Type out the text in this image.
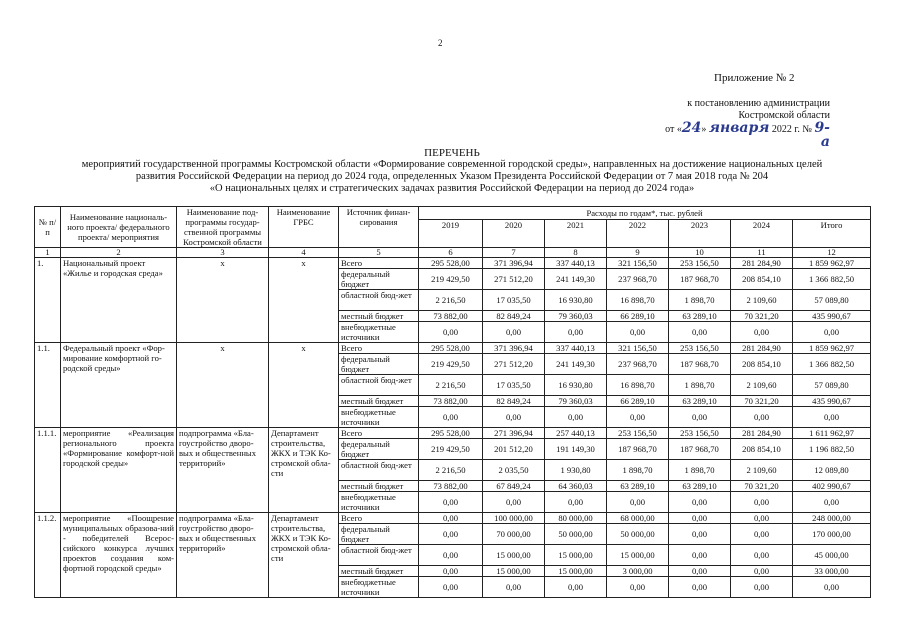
2
Приложение № 2
к постановлению администрации
Костромской области
от «24» января 2022 г. № 9-а
ПЕРЕЧЕНЬ
мероприятий государственной программы Костромской области «Формирование современной городской среды», направленных на достижение национальных целей
развития Российской Федерации на период до 2024 года, определенных Указом Президента Российской Федерации от 7 мая 2018 года № 204
«О национальных целях и стратегических задачах развития Российской Федерации на период до 2024 года»
№ п/п	Наименование националь-ного проекта/ федерального проекта/ мероприятия	Наименование под-программы государ-ственной программы Костромской области	Наименование ГРБС	Источник финан-сирования	Расходы по годам*, тыс. рублей						
					2019	2020	2021	2022	2023	2024	Итого
1	2	3	4	5	6	7	8	9	10	11	12
1.	Национальный проект «Жилье и городская среда»	х	х	Всего	295 528,00	371 396,94	337 440,13	321 156,50	253 156,50	281 284,90	1 859 962,97
				федеральный бюджет	219 429,50	271 512,20	241 149,30	237 968,70	187 968,70	208 854,10	1 366 882,50
				областной бюд-жет	2 216,50	17 035,50	16 930,80	16 898,70	1 898,70	2 109,60	57 089,80
				местный бюджет	73 882,00	82 849,24	79 360,03	66 289,10	63 289,10	70 321,20	435 990,67
				внебюджетные источники	0,00	0,00	0,00	0,00	0,00	0,00	0,00
1.1.	Федеральный проект «Фор-мирование комфортной го-родской среды»	х	х	Всего	295 528,00	371 396,94	337 440,13	321 156,50	253 156,50	281 284,90	1 859 962,97
				федеральный бюджет	219 429,50	271 512,20	241 149,30	237 968,70	187 968,70	208 854,10	1 366 882,50
				областной бюд-жет	2 216,50	17 035,50	16 930,80	16 898,70	1 898,70	2 109,60	57 089,80
				местный бюджет	73 882,00	82 849,24	79 360,03	66 289,10	63 289,10	70 321,20	435 990,67
				внебюджетные источники	0,00	0,00	0,00	0,00	0,00	0,00	0,00
1.1.1.	мероприятие «Реализация регионального проекта «Формирование комфорт-ной городской среды»	подпрограмма «Бла-гоустройство дворо-вых и общественных территорий»	Департамент строительства, ЖКХ и ТЭК Ко-стромской обла-сти	Всего	295 528,00	271 396,94	257 440,13	253 156,50	253 156,50	281 284,90	1 611 962,97
				федеральный бюджет	219 429,50	201 512,20	191 149,30	187 968,70	187 968,70	208 854,10	1 196 882,50
				областной бюд-жет	2 216,50	2 035,50	1 930,80	1 898,70	1 898,70	2 109,60	12 089,80
				местный бюджет	73 882,00	67 849,24	64 360,03	63 289,10	63 289,10	70 321,20	402 990,67
				внебюджетные источники	0,00	0,00	0,00	0,00	0,00	0,00	0,00
1.1.2.	мероприятие «Поощрение муниципальных образова-ний - победителей Всерос-сийского конкурса лучших проектов создания ком-фортной городской среды»	подпрограмма «Бла-гоустройство дворо-вых и общественных территорий»	Департамент строительства, ЖКХ и ТЭК Ко-стромской обла-сти	Всего	0,00	100 000,00	80 000,00	68 000,00	0,00	0,00	248 000,00
				федеральный бюджет	0,00	70 000,00	50 000,00	50 000,00	0,00	0,00	170 000,00
				областной бюд-жет	0,00	15 000,00	15 000,00	15 000,00	0,00	0,00	45 000,00
				местный бюджет	0,00	15 000,00	15 000,00	3 000,00	0,00	0,00	33 000,00
				внебюджетные источники	0,00	0,00	0,00	0,00	0,00	0,00	0,00
